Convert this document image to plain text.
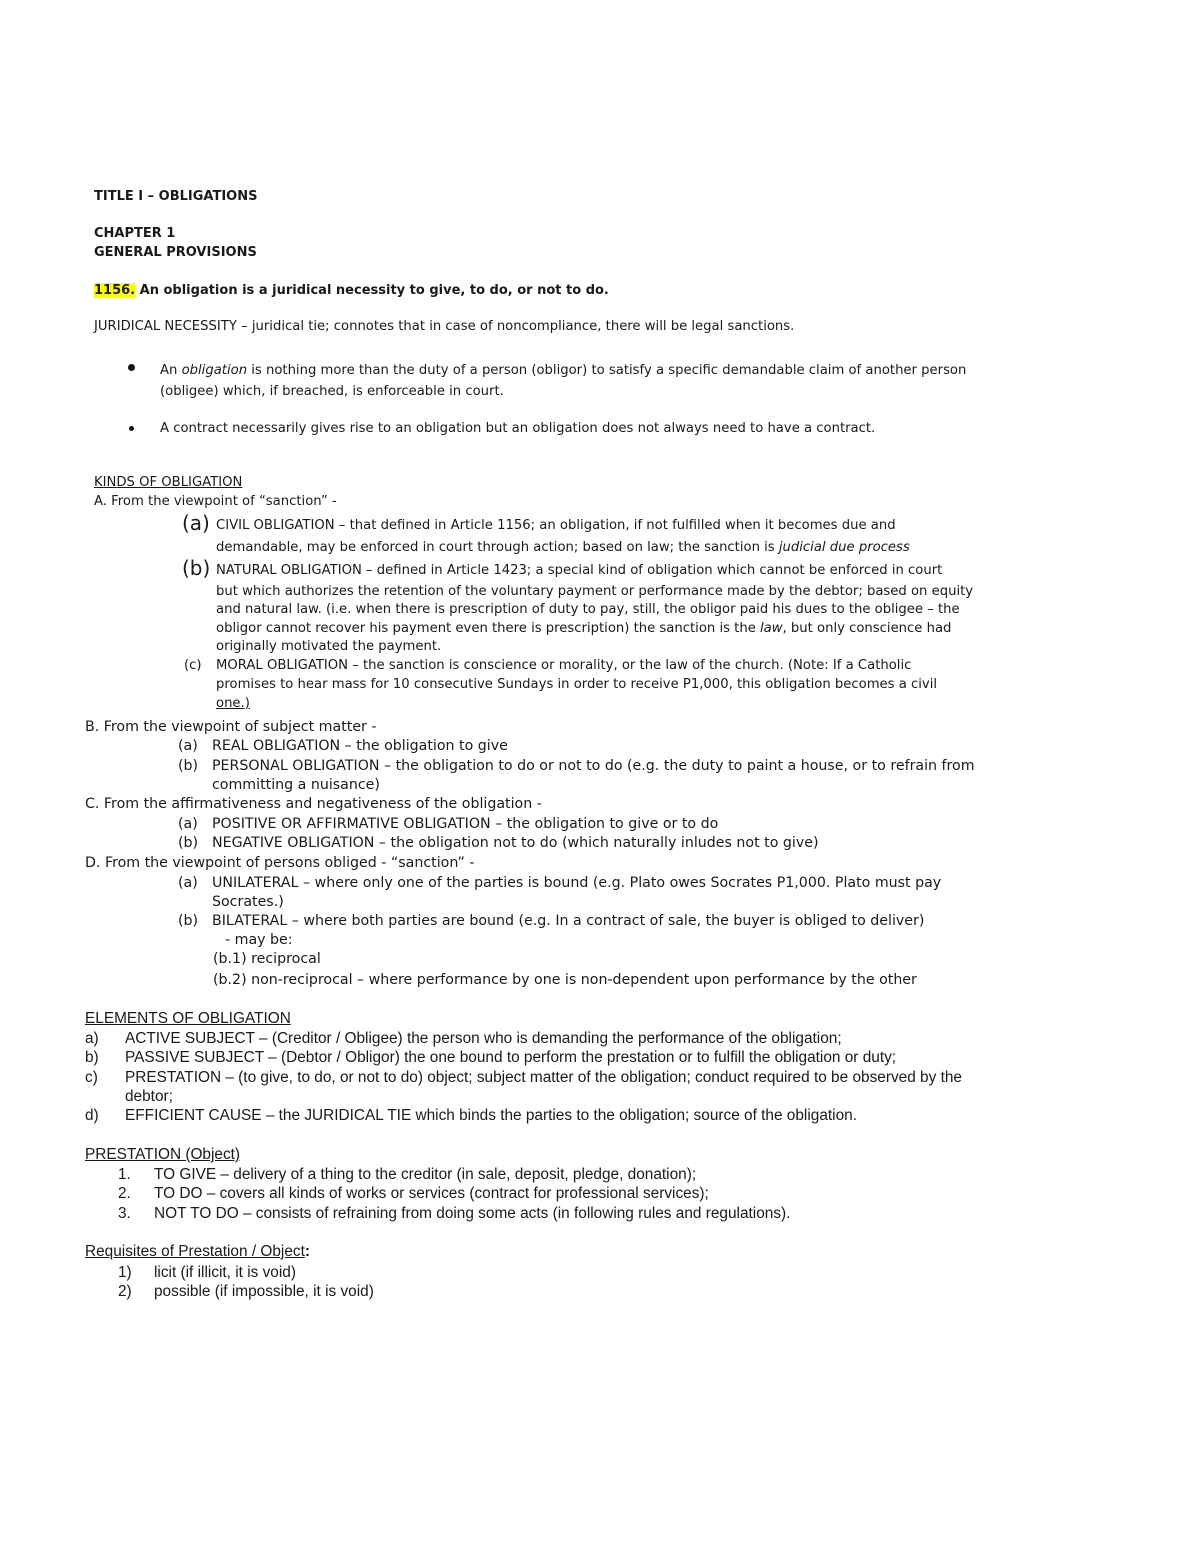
TITLE I – OBLIGATIONS
CHAPTER 1
GENERAL PROVISIONS
1156. An obligation is a juridical necessity to give, to do, or not to do.
JURIDICAL NECESSITY – juridical tie; connotes that in case of noncompliance, there will be legal sanctions.
An obligation is nothing more than the duty of a person (obligor) to satisfy a specific demandable claim of another person
(obligee) which, if breached, is enforceable in court.
A contract necessarily gives rise to an obligation but an obligation does not always need to have a contract.
KINDS OF OBLIGATION
A. From the viewpoint of “sanction” -
(a) CIVIL OBLIGATION – that defined in Article 1156; an obligation, if not fulfilled when it becomes due and
demandable, may be enforced in court through action; based on law; the sanction is judicial due process
(b) NATURAL OBLIGATION – defined in Article 1423; a special kind of obligation which cannot be enforced in court
but which authorizes the retention of the voluntary payment or performance made by the debtor; based on equity
and natural law. (i.e. when there is prescription of duty to pay, still, the obligor paid his dues to the obligee – the
obligor cannot recover his payment even there is prescription) the sanction is the law, but only conscience had
originally motivated the payment.
(c) MORAL OBLIGATION – the sanction is conscience or morality, or the law of the church. (Note: If a Catholic
promises to hear mass for 10 consecutive Sundays in order to receive P1,000, this obligation becomes a civil
one.)
B. From the viewpoint of subject matter -
(a) REAL OBLIGATION – the obligation to give
(b) PERSONAL OBLIGATION – the obligation to do or not to do (e.g. the duty to paint a house, or to refrain from
committing a nuisance)
C. From the affirmativeness and negativeness of the obligation -
(a) POSITIVE OR AFFIRMATIVE OBLIGATION – the obligation to give or to do
(b) NEGATIVE OBLIGATION – the obligation not to do (which naturally inludes not to give)
D. From the viewpoint of persons obliged - “sanction” -
(a) UNILATERAL – where only one of the parties is bound (e.g. Plato owes Socrates P1,000. Plato must pay
Socrates.)
(b) BILATERAL – where both parties are bound (e.g. In a contract of sale, the buyer is obliged to deliver)
- may be:
(b.1) reciprocal
(b.2) non-reciprocal – where performance by one is non-dependent upon performance by the other
ELEMENTS OF OBLIGATION
a) ACTIVE SUBJECT – (Creditor / Obligee) the person who is demanding the performance of the obligation;
b) PASSIVE SUBJECT – (Debtor / Obligor) the one bound to perform the prestation or to fulfill the obligation or duty;
c) PRESTATION – (to give, to do, or not to do) object; subject matter of the obligation; conduct required to be observed by the
debtor;
d) EFFICIENT CAUSE – the JURIDICAL TIE which binds the parties to the obligation; source of the obligation.
PRESTATION (Object)
1. TO GIVE – delivery of a thing to the creditor (in sale, deposit, pledge, donation);
2. TO DO – covers all kinds of works or services (contract for professional services);
3. NOT TO DO – consists of refraining from doing some acts (in following rules and regulations).
Requisites of Prestation / Object:
1) licit (if illicit, it is void)
2) possible (if impossible, it is void)
